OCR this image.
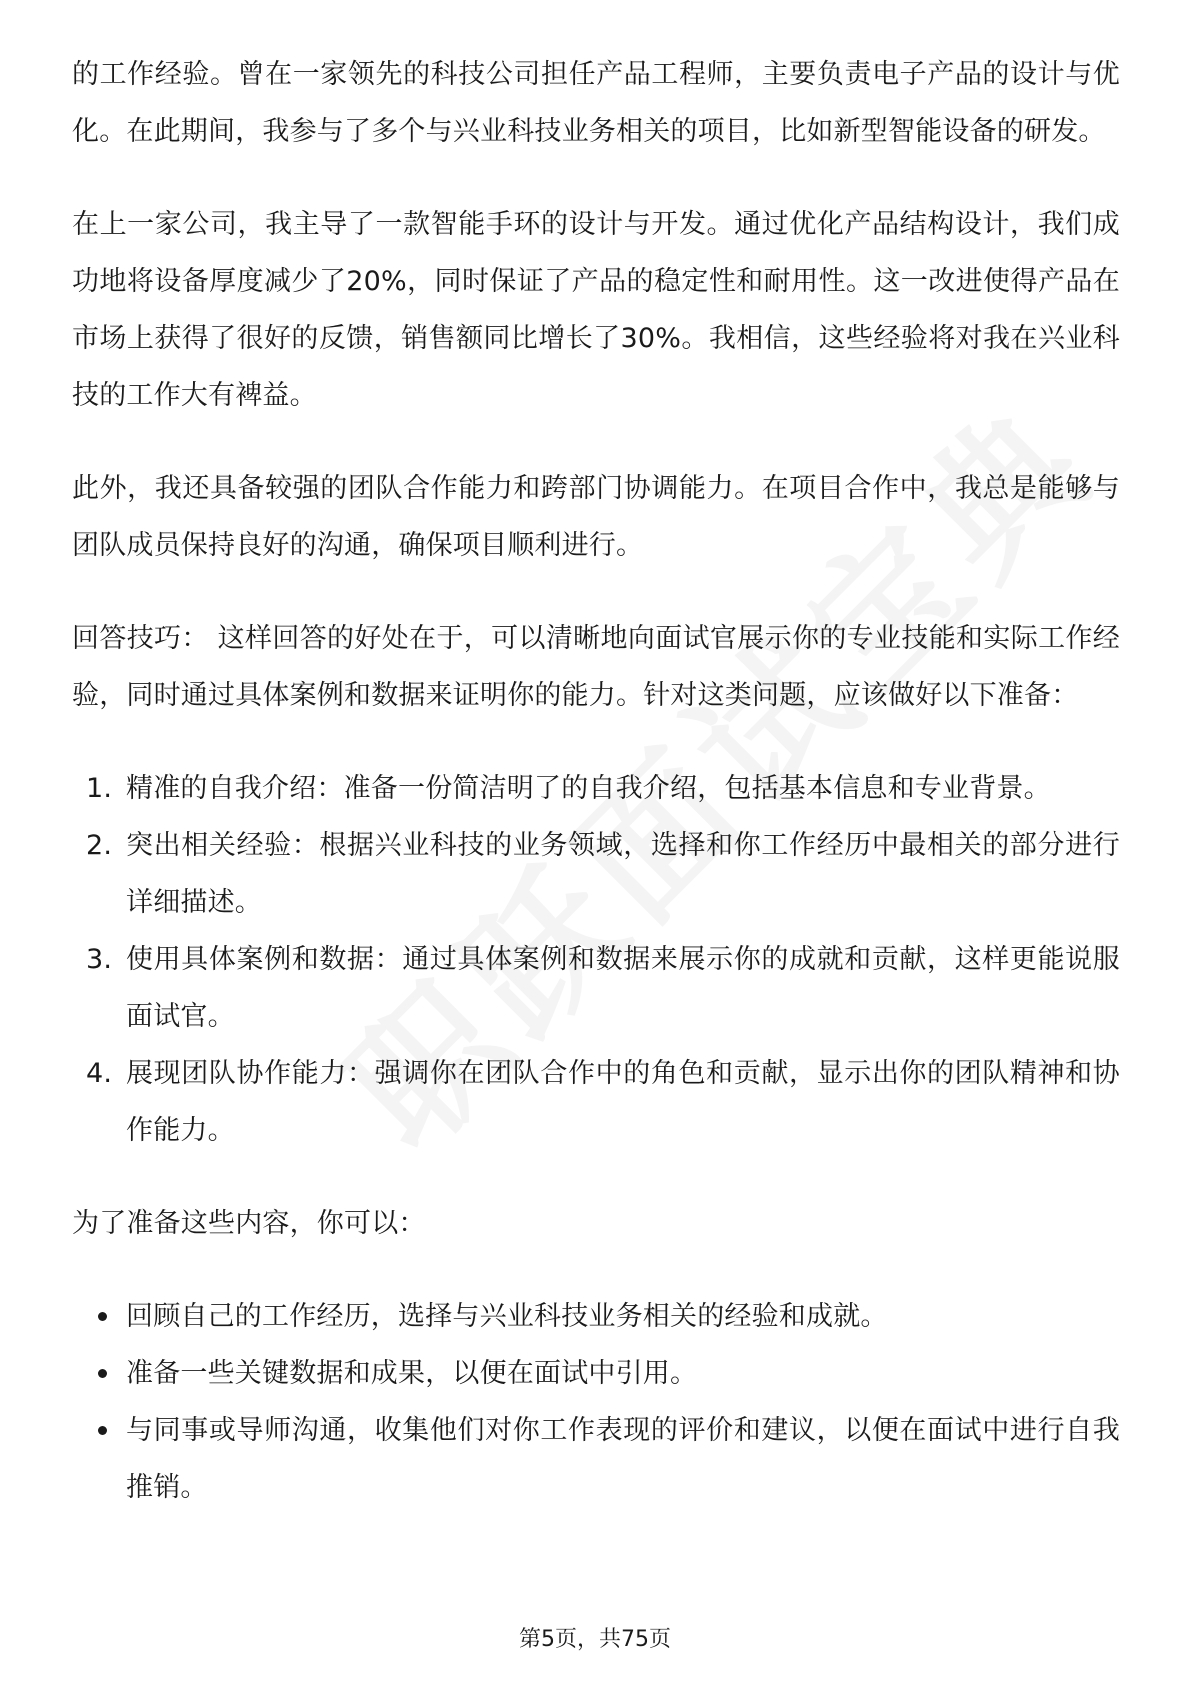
的工作经验。曾在一家领先的科技公司担任产品工程师，主要负责电子产品的设计与优化。在此期间，我参与了多个与兴业科技业务相关的项目，比如新型智能设备的研发。

在上一家公司，我主导了一款智能手环的设计与开发。通过优化产品结构设计，我们成功地将设备厚度减少了20%，同时保证了产品的稳定性和耐用性。这一改进使得产品在市场上获得了很好的反馈，销售额同比增长了30%。我相信，这些经验将对我在兴业科技的工作大有裨益。

此外，我还具备较强的团队合作能力和跨部门协调能力。在项目合作中，我总是能够与团队成员保持良好的沟通，确保项目顺利进行。

回答技巧： 这样回答的好处在于，可以清晰地向面试官展示你的专业技能和实际工作经验，同时通过具体案例和数据来证明你的能力。针对这类问题，应该做好以下准备：

1. 精准的自我介绍：准备一份简洁明了的自我介绍，包括基本信息和专业背景。
2. 突出相关经验：根据兴业科技的业务领域，选择和你工作经历中最相关的部分进行详细描述。
3. 使用具体案例和数据：通过具体案例和数据来展示你的成就和贡献，这样更能说服面试官。
4. 展现团队协作能力：强调你在团队合作中的角色和贡献，显示出你的团队精神和协作能力。

为了准备这些内容，你可以：

回顾自己的工作经历，选择与兴业科技业务相关的经验和成就。
准备一些关键数据和成果，以便在面试中引用。
与同事或导师沟通，收集他们对你工作表现的评价和建议，以便在面试中进行自我推销。
第5页，共75页
